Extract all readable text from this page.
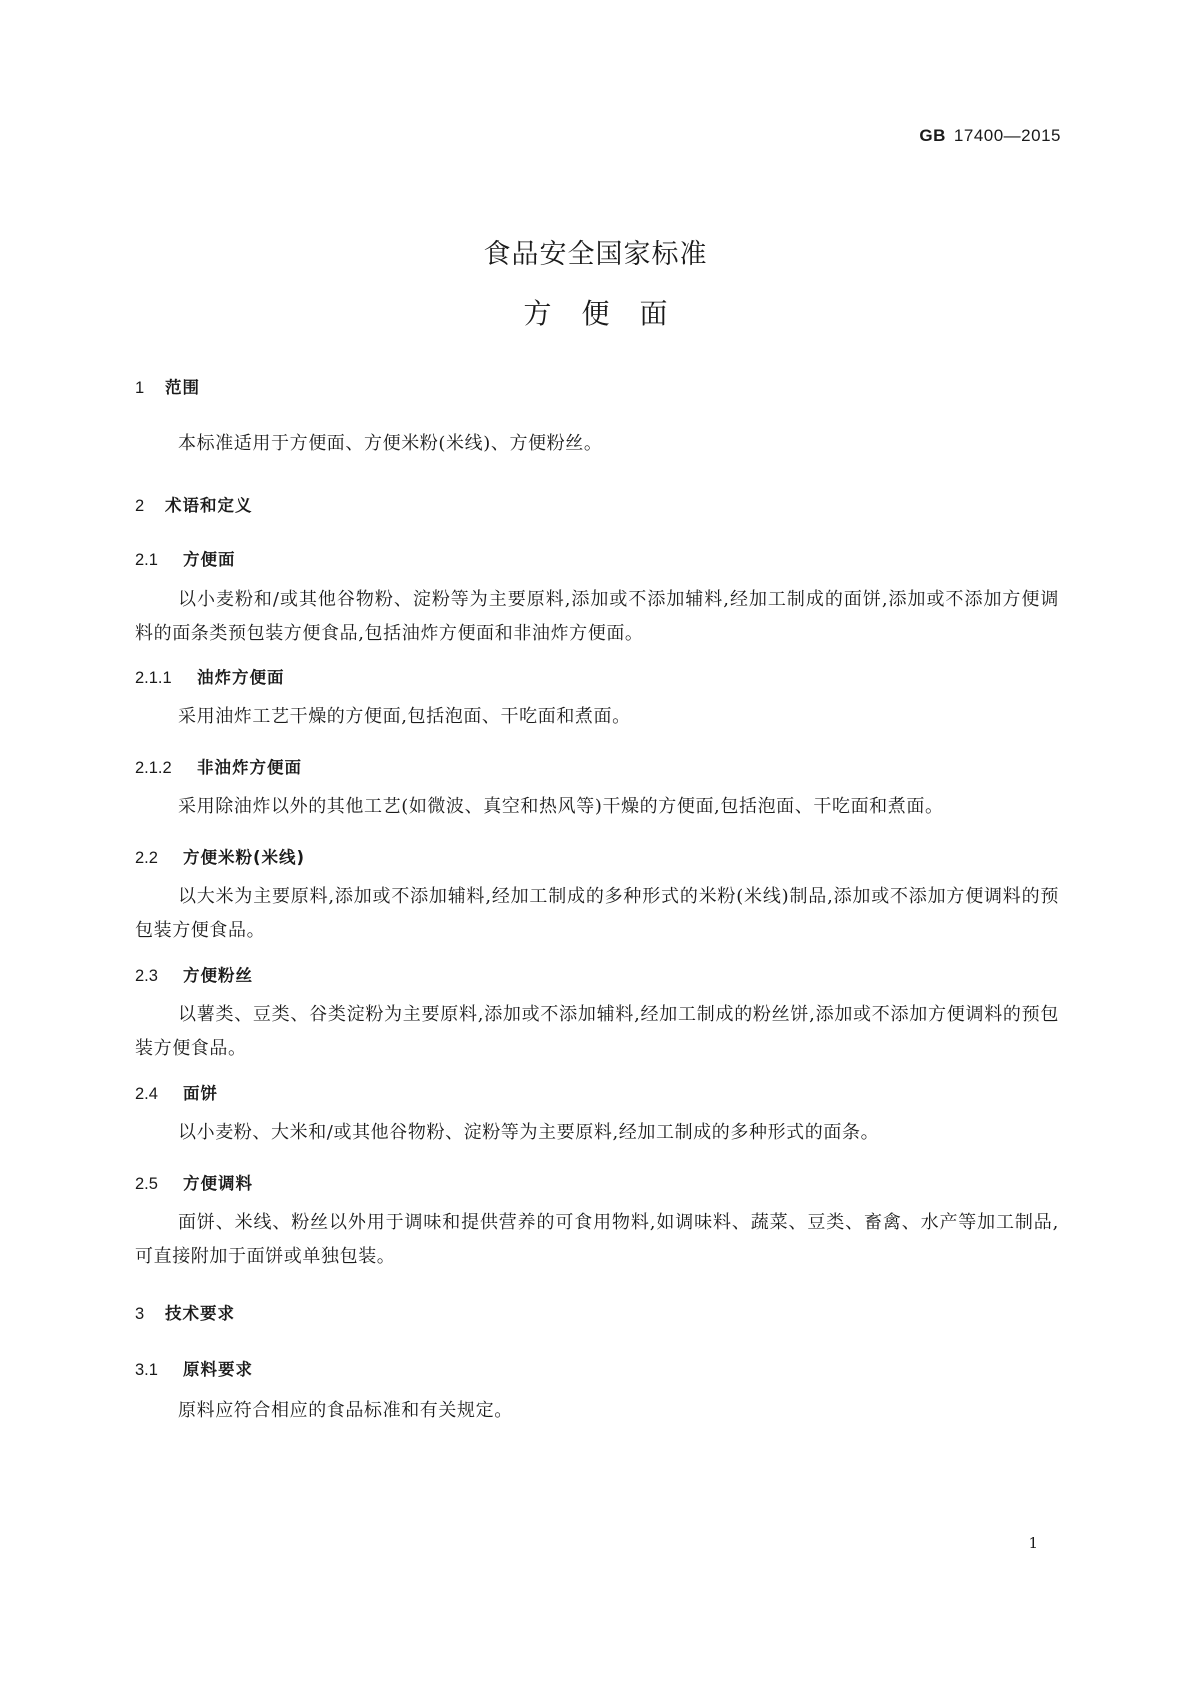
GB 17400—2015
食品安全国家标准
方便面
1 范围

本标准适用于方便面、方便米粉(米线)、方便粉丝。

2 术语和定义
2.1 方便面

以小麦粉和/或其他谷物粉、淀粉等为主要原料,添加或不添加辅料,经加工制成的面饼,添加或不添加方便调料的面条类预包装方便食品,包括油炸方便面和非油炸方便面。

2.1.1 油炸方便面

采用油炸工艺干燥的方便面,包括泡面、干吃面和煮面。

2.1.2 非油炸方便面

采用除油炸以外的其他工艺(如微波、真空和热风等)干燥的方便面,包括泡面、干吃面和煮面。

2.2 方便米粉(米线)

以大米为主要原料,添加或不添加辅料,经加工制成的多种形式的米粉(米线)制品,添加或不添加方便调料的预包装方便食品。

2.3 方便粉丝

以薯类、豆类、谷类淀粉为主要原料,添加或不添加辅料,经加工制成的粉丝饼,添加或不添加方便调料的预包装方便食品。

2.4 面饼

以小麦粉、大米和/或其他谷物粉、淀粉等为主要原料,经加工制成的多种形式的面条。

2.5 方便调料

面饼、米线、粉丝以外用于调味和提供营养的可食用物料,如调味料、蔬菜、豆类、畜禽、水产等加工制品,可直接附加于面饼或单独包装。

3 技术要求
3.1 原料要求

原料应符合相应的食品标准和有关规定。

1
